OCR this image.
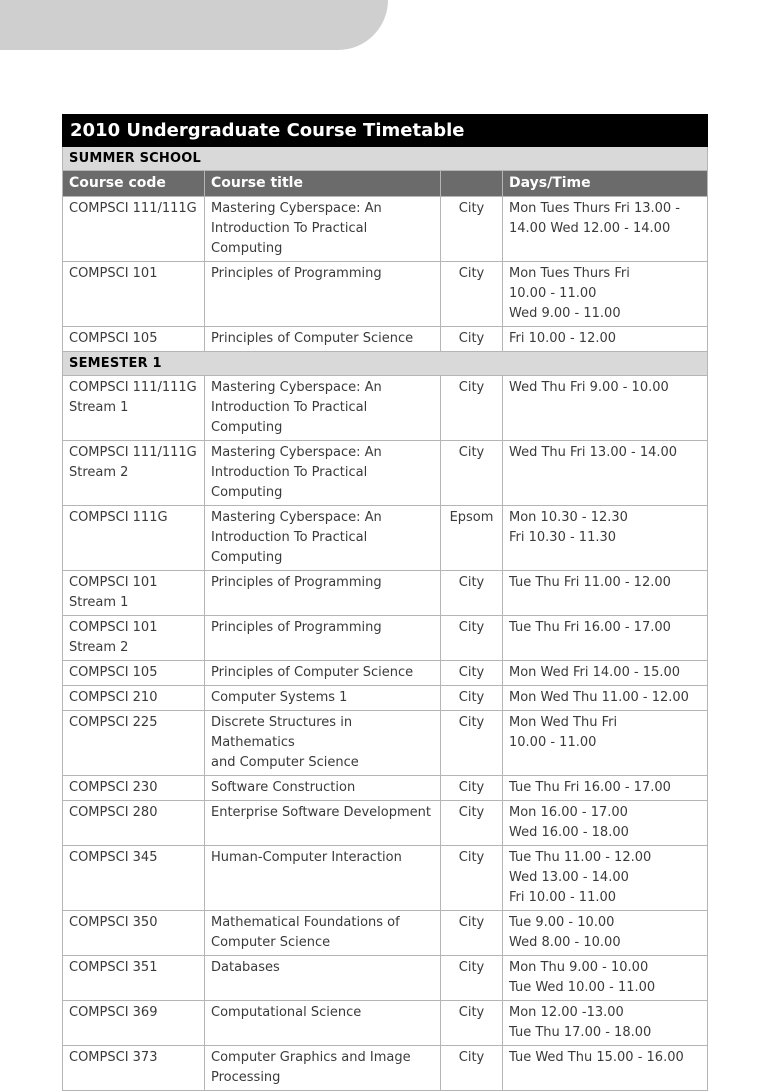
2010 Undergraduate Course Timetable			
SUMMER SCHOOL			
Course code	Course title		Days/Time
COMPSCI 111/111G	Mastering Cyberspace: An
Introduction To Practical Computing	City	Mon Tues Thurs Fri 13.00 -
14.00 Wed 12.00 - 14.00
COMPSCI 101	Principles of Programming	City	Mon Tues Thurs Fri
10.00 - 11.00
Wed 9.00 - 11.00
COMPSCI 105	Principles of Computer Science	City	Fri 10.00 - 12.00
SEMESTER 1			
COMPSCI 111/111G
Stream 1	Mastering Cyberspace: An
Introduction To Practical Computing	City	Wed Thu Fri 9.00 - 10.00
COMPSCI 111/111G
Stream 2	Mastering Cyberspace: An
Introduction To Practical Computing	City	Wed Thu Fri 13.00 - 14.00
COMPSCI 111G	Mastering Cyberspace: An
Introduction To Practical Computing	Epsom	Mon 10.30 - 12.30
Fri 10.30 - 11.30
COMPSCI 101
Stream 1	Principles of Programming	City	Tue Thu Fri 11.00 - 12.00
COMPSCI 101
Stream 2	Principles of Programming	City	Tue Thu Fri 16.00 - 17.00
COMPSCI 105	Principles of Computer Science	City	Mon Wed Fri 14.00 - 15.00
COMPSCI 210	Computer Systems 1	City	Mon Wed Thu 11.00 - 12.00
COMPSCI 225	Discrete Structures in Mathematics
and Computer Science	City	Mon Wed Thu Fri
10.00 - 11.00
COMPSCI 230	Software Construction	City	Tue Thu Fri 16.00 - 17.00
COMPSCI 280	Enterprise Software Development	City	Mon 16.00 - 17.00
Wed 16.00 - 18.00
COMPSCI 345	Human-Computer Interaction	City	Tue Thu 11.00 - 12.00
Wed 13.00 - 14.00
Fri 10.00 - 11.00
COMPSCI 350	Mathematical Foundations of
Computer Science	City	Tue 9.00 - 10.00
Wed 8.00 - 10.00
COMPSCI 351	Databases	City	Mon Thu 9.00 - 10.00
Tue Wed 10.00 - 11.00
COMPSCI 369	Computational Science	City	Mon 12.00 -13.00
Tue Thu 17.00 - 18.00
COMPSCI 373	Computer Graphics and Image
Processing	City	Tue Wed Thu 15.00 - 16.00
